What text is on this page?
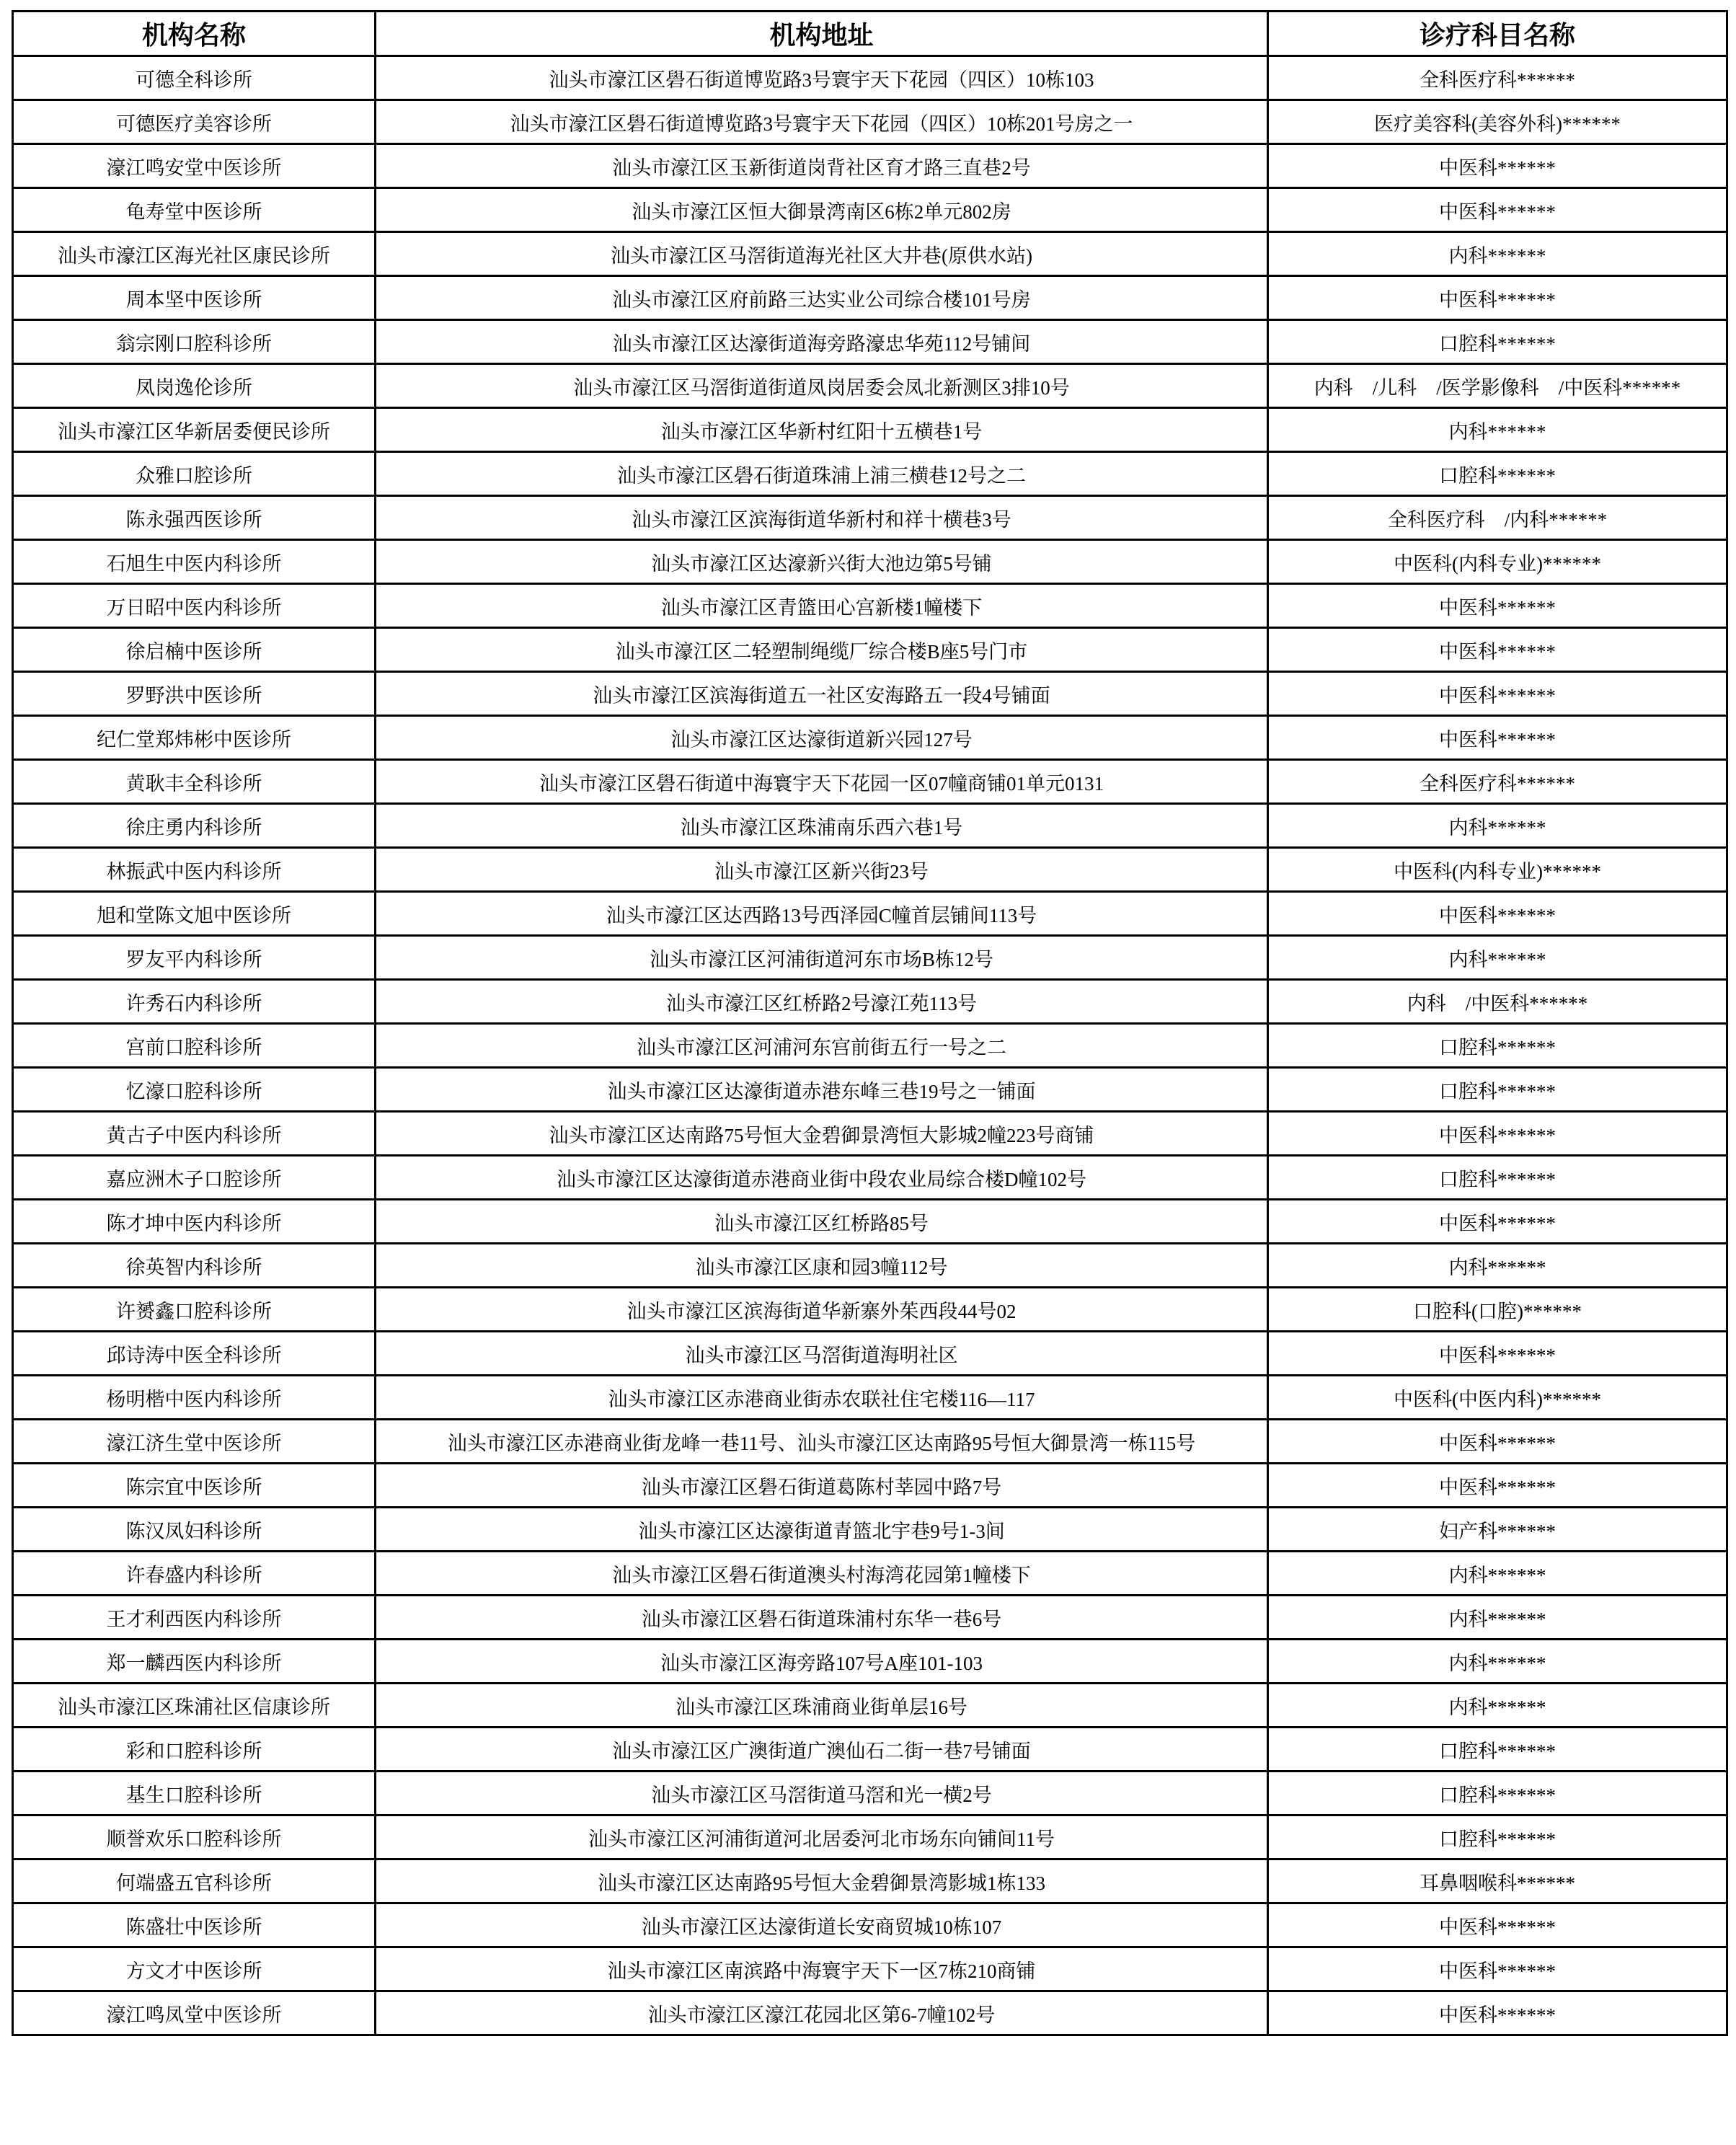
机构名称	机构地址	诊疗科目名称
可德全科诊所	汕头市濠江区礐石街道博览路3号寰宇天下花园（四区）10栋103	全科医疗科******
可德医疗美容诊所	汕头市濠江区礐石街道博览路3号寰宇天下花园（四区）10栋201号房之一	医疗美容科(美容外科)******
濠江鸣安堂中医诊所	汕头市濠江区玉新街道岗背社区育才路三直巷2号	中医科******
龟寿堂中医诊所	汕头市濠江区恒大御景湾南区6栋2单元802房	中医科******
汕头市濠江区海光社区康民诊所	汕头市濠江区马滘街道海光社区大井巷(原供水站)	内科******
周本坚中医诊所	汕头市濠江区府前路三达实业公司综合楼101号房	中医科******
翁宗刚口腔科诊所	汕头市濠江区达濠街道海旁路濠忠华苑112号铺间	口腔科******
凤岗逸伦诊所	汕头市濠江区马滘街道街道凤岗居委会凤北新测区3排10号	内科　/儿科　/医学影像科　/中医科******
汕头市濠江区华新居委便民诊所	汕头市濠江区华新村红阳十五横巷1号	内科******
众雅口腔诊所	汕头市濠江区礐石街道珠浦上浦三横巷12号之二	口腔科******
陈永强西医诊所	汕头市濠江区滨海街道华新村和祥十横巷3号	全科医疗科　/内科******
石旭生中医内科诊所	汕头市濠江区达濠新兴街大池边第5号铺	中医科(内科专业)******
万日昭中医内科诊所	汕头市濠江区青篮田心宫新楼1幢楼下	中医科******
徐启楠中医诊所	汕头市濠江区二轻塑制绳缆厂综合楼B座5号门市	中医科******
罗野洪中医诊所	汕头市濠江区滨海街道五一社区安海路五一段4号铺面	中医科******
纪仁堂郑炜彬中医诊所	汕头市濠江区达濠街道新兴园127号	中医科******
黄耿丰全科诊所	汕头市濠江区礐石街道中海寰宇天下花园一区07幢商铺01单元0131	全科医疗科******
徐庄勇内科诊所	汕头市濠江区珠浦南乐西六巷1号	内科******
林振武中医内科诊所	汕头市濠江区新兴街23号	中医科(内科专业)******
旭和堂陈文旭中医诊所	汕头市濠江区达西路13号西泽园C幢首层铺间113号	中医科******
罗友平内科诊所	汕头市濠江区河浦街道河东市场B栋12号	内科******
许秀石内科诊所	汕头市濠江区红桥路2号濠江苑113号	内科　/中医科******
宫前口腔科诊所	汕头市濠江区河浦河东宫前街五行一号之二	口腔科******
忆濠口腔科诊所	汕头市濠江区达濠街道赤港东峰三巷19号之一铺面	口腔科******
黄古子中医内科诊所	汕头市濠江区达南路75号恒大金碧御景湾恒大影城2幢223号商铺	中医科******
嘉应洲木子口腔诊所	汕头市濠江区达濠街道赤港商业街中段农业局综合楼D幢102号	口腔科******
陈才坤中医内科诊所	汕头市濠江区红桥路85号	中医科******
徐英智内科诊所	汕头市濠江区康和园3幢112号	内科******
许赟鑫口腔科诊所	汕头市濠江区滨海街道华新寨外茱西段44号02	口腔科(口腔)******
邱诗涛中医全科诊所	汕头市濠江区马滘街道海明社区	中医科******
杨明楷中医内科诊所	汕头市濠江区赤港商业街赤农联社住宅楼116—117	中医科(中医内科)******
濠江济生堂中医诊所	汕头市濠江区赤港商业街龙峰一巷11号、汕头市濠江区达南路95号恒大御景湾一栋115号	中医科******
陈宗宜中医诊所	汕头市濠江区礐石街道葛陈村莘园中路7号	中医科******
陈汉凤妇科诊所	汕头市濠江区达濠街道青篮北宇巷9号1-3间	妇产科******
许春盛内科诊所	汕头市濠江区礐石街道澳头村海湾花园第1幢楼下	内科******
王才利西医内科诊所	汕头市濠江区礐石街道珠浦村东华一巷6号	内科******
郑一麟西医内科诊所	汕头市濠江区海旁路107号A座101-103	内科******
汕头市濠江区珠浦社区信康诊所	汕头市濠江区珠浦商业街单层16号	内科******
彩和口腔科诊所	汕头市濠江区广澳街道广澳仙石二街一巷7号铺面	口腔科******
基生口腔科诊所	汕头市濠江区马滘街道马滘和光一横2号	口腔科******
顺誉欢乐口腔科诊所	汕头市濠江区河浦街道河北居委河北市场东向铺间11号	口腔科******
何端盛五官科诊所	汕头市濠江区达南路95号恒大金碧御景湾影城1栋133	耳鼻咽喉科******
陈盛壮中医诊所	汕头市濠江区达濠街道长安商贸城10栋107	中医科******
方文才中医诊所	汕头市濠江区南滨路中海寰宇天下一区7栋210商铺	中医科******
濠江鸣凤堂中医诊所	汕头市濠江区濠江花园北区第6-7幢102号	中医科******
